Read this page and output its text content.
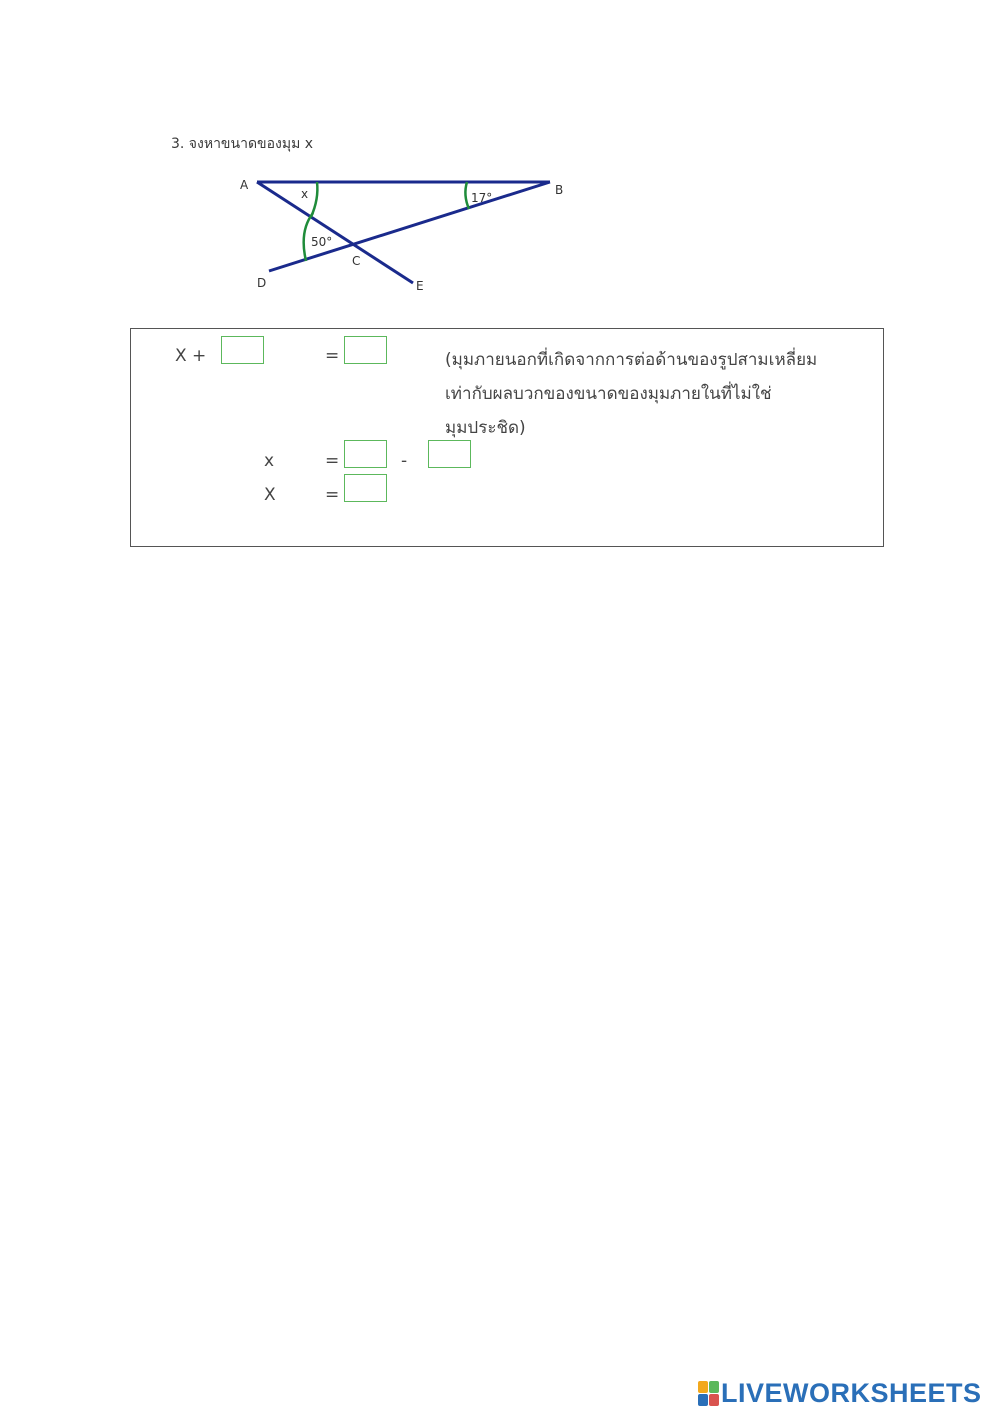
3. จงหาขนาดของมุม x
A	B
C
D	E
x
50°
17°
X +	=	(มุมภายนอกที่เกิดจากการต่อด้านของรูปสามเหลี่ยม
เท่ากับผลบวกของขนาดของมุมภายในที่ไม่ใช่
มุมประชิด)
x	=	-
X	=
LIVEWORKSHEETS
